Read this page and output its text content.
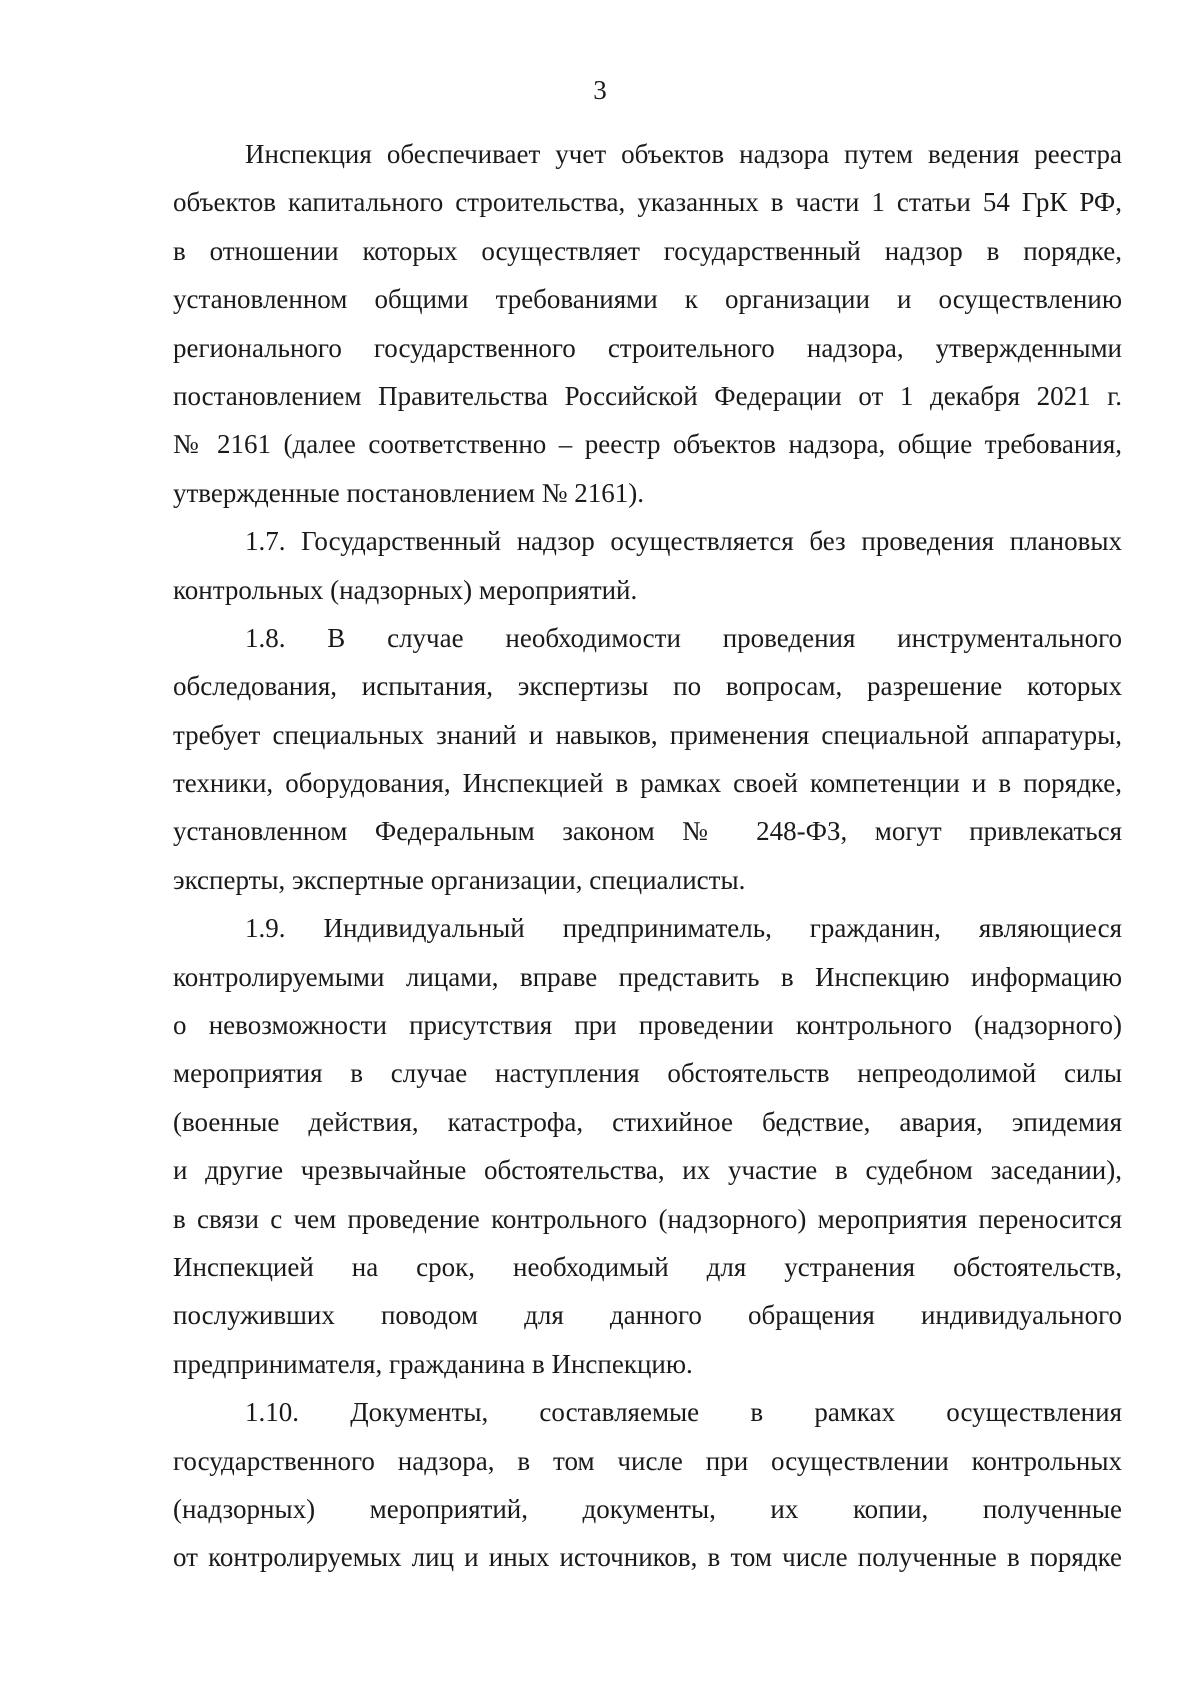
3
Инспекция обеспечивает учет объектов надзора путем ведения реестра
объектов капитального строительства, указанных в части 1 статьи 54 ГрК РФ,
в отношении которых осуществляет государственный надзор в порядке,
установленном общими требованиями к организации и осуществлению
регионального государственного строительного надзора, утвержденными
постановлением Правительства Российской Федерации от 1 декабря 2021 г.
№ 2161 (далее соответственно – реестр объектов надзора, общие требования,
утвержденные постановлением № 2161).
1.7. Государственный надзор осуществляется без проведения плановых
контрольных (надзорных) мероприятий.
1.8. В случае необходимости проведения инструментального
обследования, испытания, экспертизы по вопросам, разрешение которых
требует специальных знаний и навыков, применения специальной аппаратуры,
техники, оборудования, Инспекцией в рамках своей компетенции и в порядке,
установленном Федеральным законом № 248-ФЗ, могут привлекаться
эксперты, экспертные организации, специалисты.
1.9. Индивидуальный предприниматель, гражданин, являющиеся
контролируемыми лицами, вправе представить в Инспекцию информацию
о невозможности присутствия при проведении контрольного (надзорного)
мероприятия в случае наступления обстоятельств непреодолимой силы
(военные действия, катастрофа, стихийное бедствие, авария, эпидемия
и другие чрезвычайные обстоятельства, их участие в судебном заседании),
в связи с чем проведение контрольного (надзорного) мероприятия переносится
Инспекцией на срок, необходимый для устранения обстоятельств,
послуживших поводом для данного обращения индивидуального
предпринимателя, гражданина в Инспекцию.
1.10. Документы, составляемые в рамках осуществления
государственного надзора, в том числе при осуществлении контрольных
(надзорных) мероприятий, документы, их копии, полученные
от контролируемых лиц и иных источников, в том числе полученные в порядке
